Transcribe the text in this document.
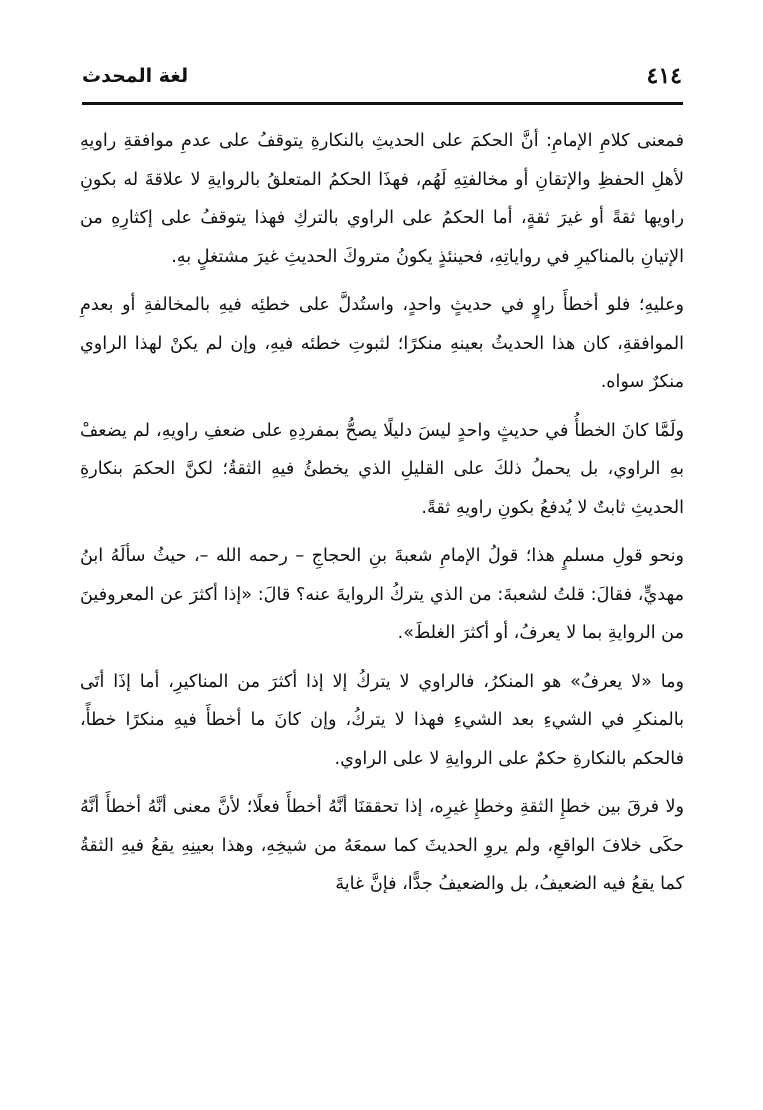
٤١٤
لغة المحدث

فمعنى كلامِ الإمامِ: أنَّ الحكمَ على الحديثِ بالنكارةِ يتوقفُ على عدمِ موافقةِ راويهِ لأهلِ الحفظِ والإتقانِ أو مخالفتِهِ لَهُم، فهذَا الحكمُ المتعلقُ بالروايةِ لا علاقةَ له بكونِ راويها ثقةً أو غيرَ ثقةٍ، أما الحكمُ على الراوي بالتركِ فهذا يتوقفُ على إكثارِهِ من الإتيانِ بالمناكيرِ في رواياتِهِ، فحينئذٍ يكونُ متروكَ الحديثِ غيرَ مشتغلٍ بهِ.

وعليهِ؛ فلو أخطأَ راوٍ في حديثٍ واحدٍ، واستُدلَّ على خطئِه فيهِ بالمخالفةِ أو بعدمِ الموافقةِ، كان هذا الحديثُ بعينهِ منكرًا؛ لثبوتِ خطئه فيهِ، وإن لم يكنْ لهذا الراوي منكرٌ سواه.

ولَمَّا كانَ الخطأُ في حديثٍ واحدٍ ليسَ دليلًا يصحُّ بمفردِهِ على ضعفِ راويهِ، لم يضعفْ بهِ الراوي، بل يحملُ ذلكَ على القليلِ الذي يخطئُ فيهِ الثقةُ؛ لكنَّ الحكمَ بنكارةِ الحديثِ ثابتٌ لا يُدفعُ بكونِ راويهِ ثقةً.

ونحو قولِ مسلمٍ هذا؛ قولُ الإمامِ شعبةَ بنِ الحجاجِ – رحمه الله –، حيثُ سألَهُ ابنُ مهديٍّ، فقالَ: قلتُ لشعبةَ: من الذي يتركُ الروايةَ عنه؟ قالَ: «إذا أكثرَ عن المعروفينَ من الروايةِ بما لا يعرفُ، أو أكثرَ الغلطَ».

وما «لا يعرفُ» هو المنكرُ، فالراوي لا يتركُ إلا إذا أكثرَ من المناكيرِ، أما إذَا أتَى بالمنكرِ في الشيءِ بعد الشيءِ فهذا لا يتركُ، وإن كانَ ما أخطأَ فيهِ منكرًا خطأً، فالحكم بالنكارةِ حكمٌ على الروايةِ لا على الراوي.

ولا فرقَ بين خطإِ الثقةِ وخطإِ غيرِه، إذا تحققنَا أنَّهُ أخطأَ فعلًا؛ لأنَّ معنى أنَّهُ أخطأَ أنَّهُ حكَى خلافَ الواقعِ، ولم يروِ الحديثَ كما سمعَهُ من شيخِهِ، وهذا بعينِهِ يقعُ فيهِ الثقةُ كما يقعُ فيه الضعيفُ، بل والضعيفُ جدًّا، فإنَّ غايةَ
